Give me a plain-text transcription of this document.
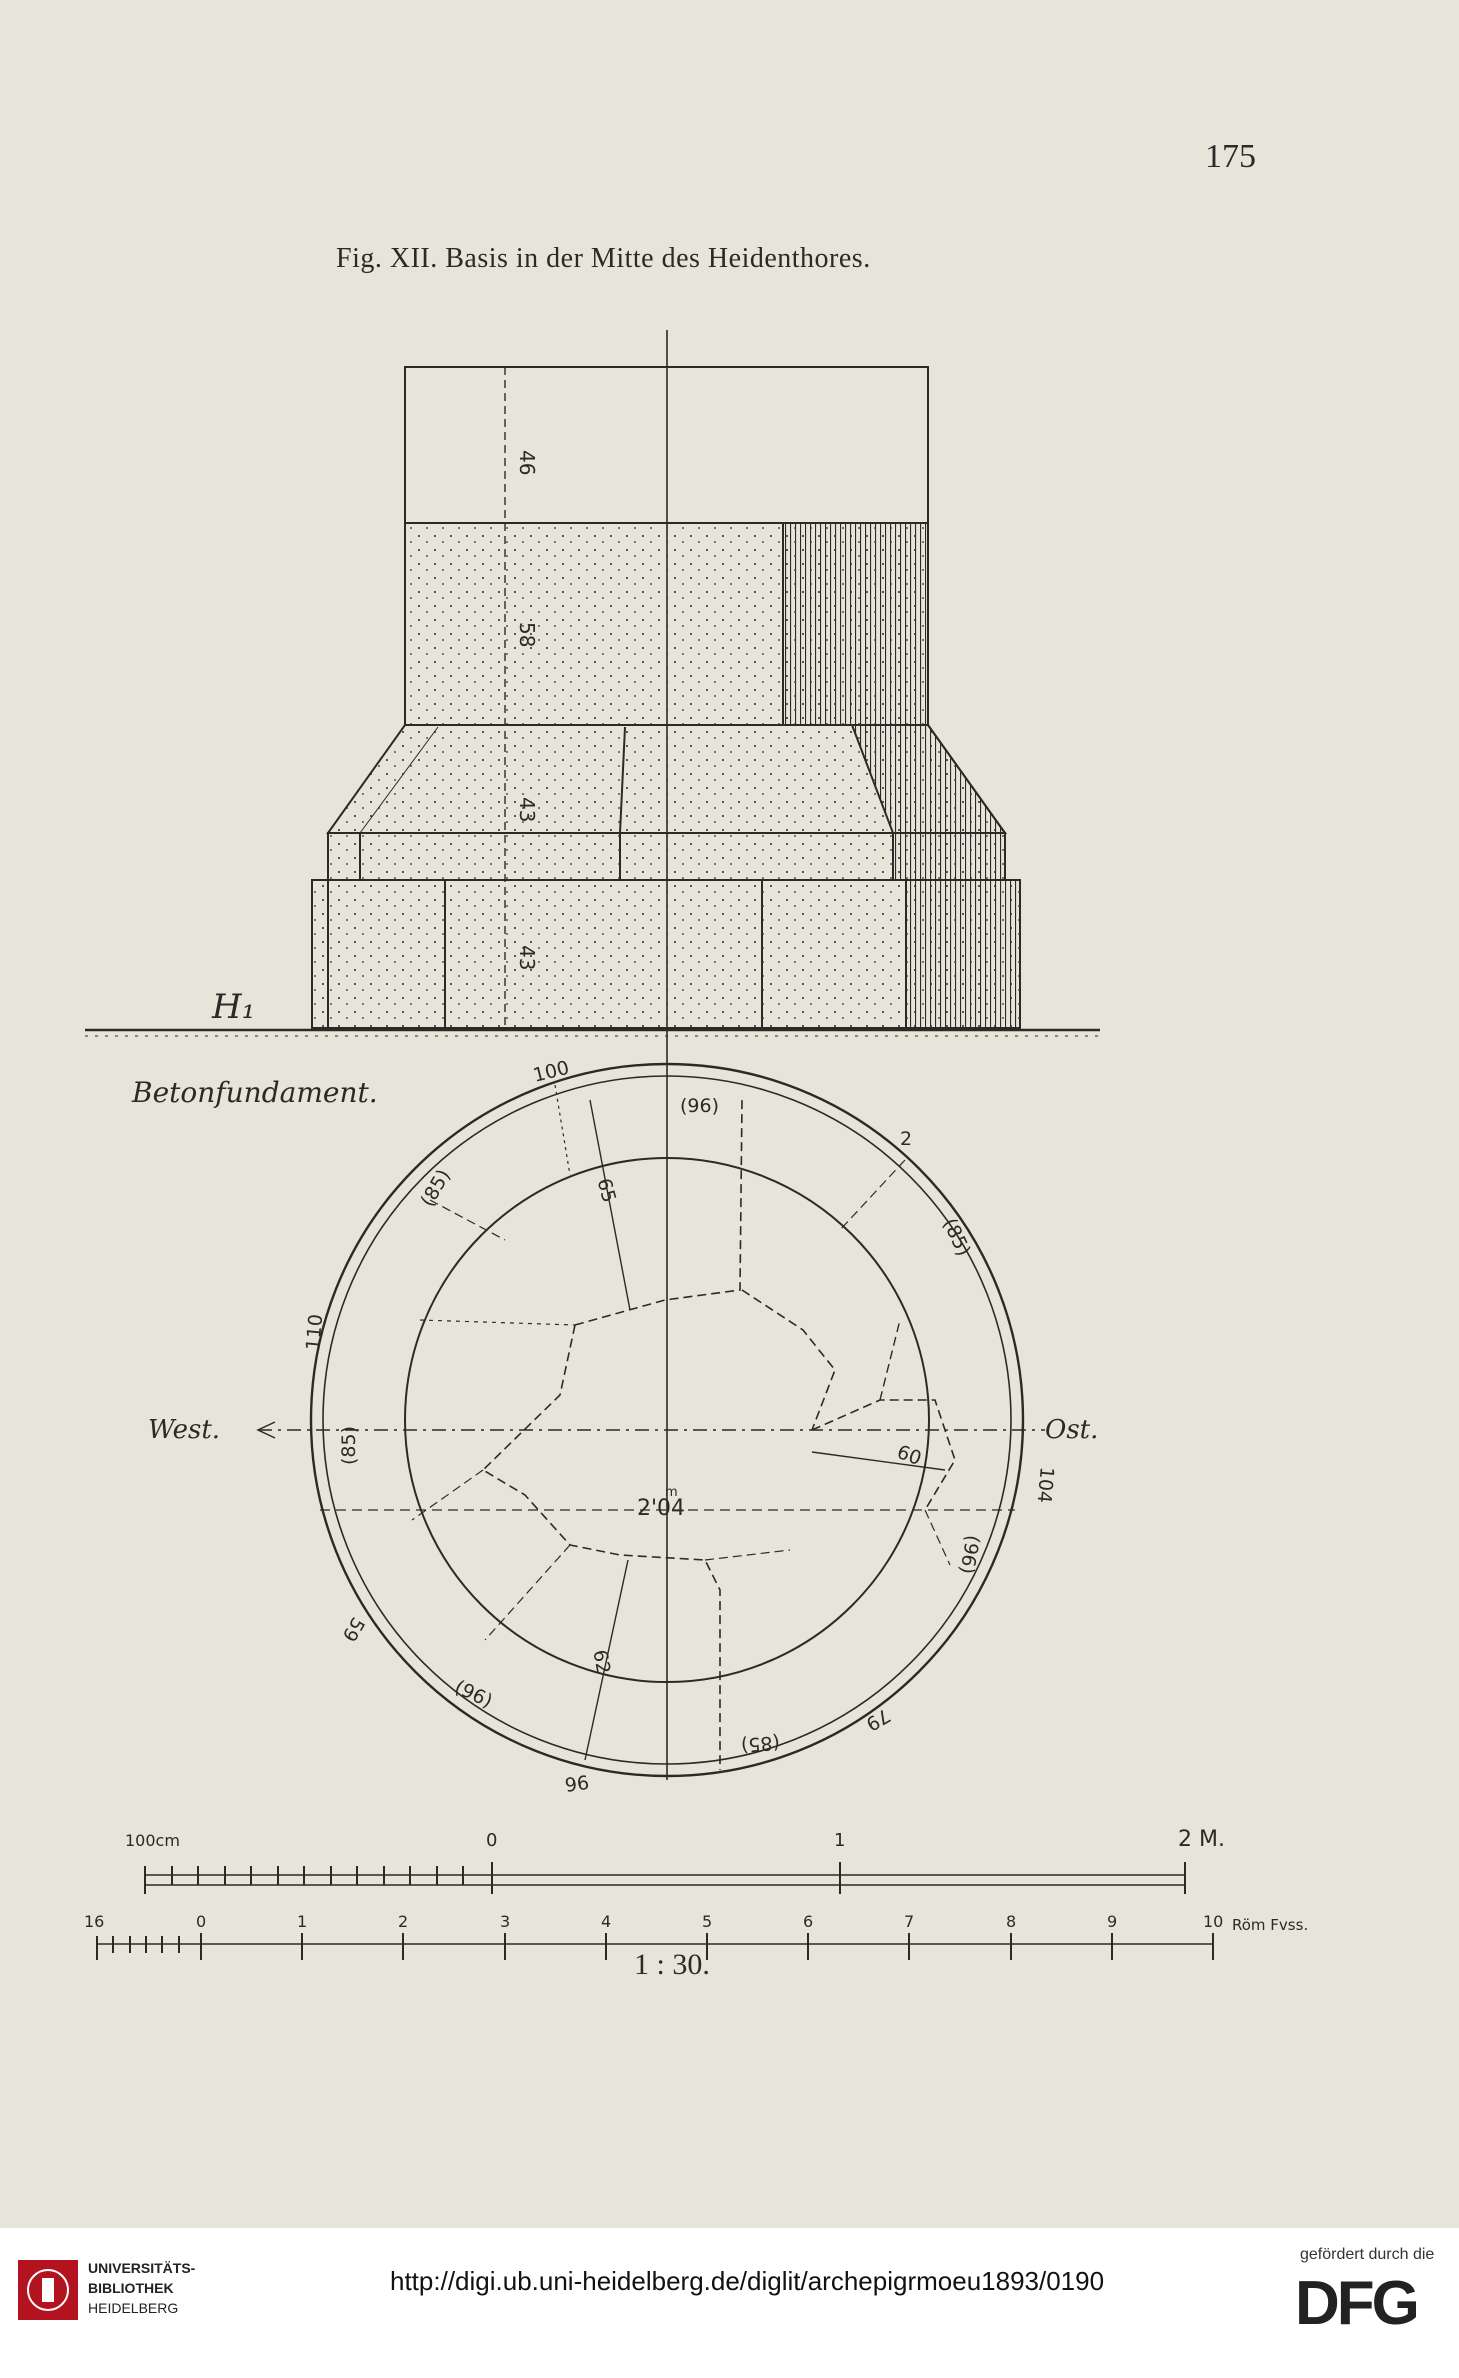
175
Fig. XII. Basis in der Mitte des Heidenthores.
46
58
43
43
H₁
Betonfundament.
100
(96)
(85)	65
2
(85)
110
(85)	60
104
2'04
m
(96)
59
62
(96)
(85)
79
96
West.	Ost.
100cm	0	1	2 M.
16	0	1	2	3	4	5	6	7	8	9	10 Röm Fvss.
1 : 30.
UNIVERSITÄTS-
BIBLIOTHEK
HEIDELBERG
http://digi.ub.uni-heidelberg.de/diglit/archepigrmoeu1893/0190
gefördert durch die
DFG
